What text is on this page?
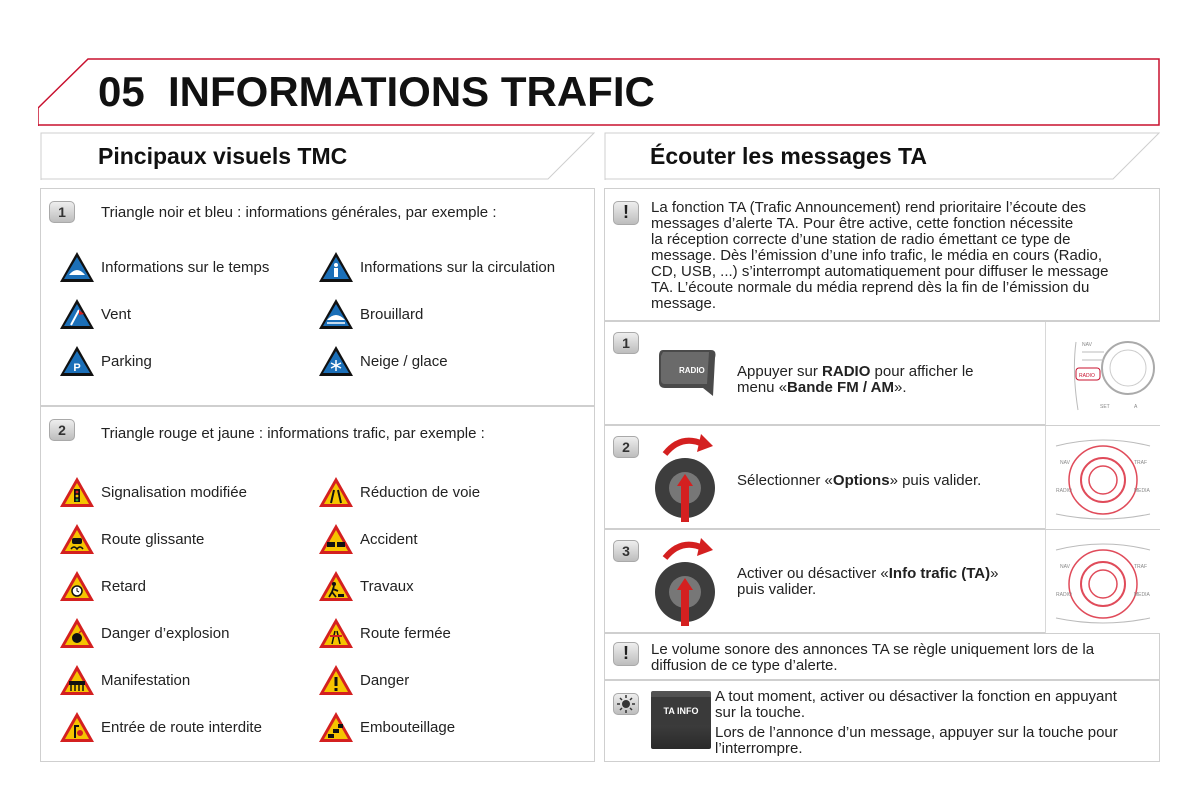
05 INFORMATIONS TRAFIC
Pincipaux visuels TMC	Écouter les messages TA
1	Triangle noir et bleu : informations générales, par exemple :
Informations sur le temps	Informations sur la circulation
Vent	Brouillard
P Parking	Neige / glace
2	Triangle rouge et jaune : informations trafic, par exemple :
Signalisation modifiée	Réduction de voie
Route glissante	Accident
Retard	Travaux
Danger d’explosion	Route fermée
Manifestation	Danger
Entrée de route interdite	Embouteillage
!	La fonction TA (Trafic Announcement) rend prioritaire l’écoute des
messages d’alerte TA. Pour être active, cette fonction nécessite
la réception correcte d’une station de radio émettant ce type de
message. Dès l’émission d’une info trafic, le média en cours (Radio,
CD, USB, ...) s’interrompt automatiquement pour diffuser le message
TA. L’écoute normale du média reprend dès la fin de l’émission du
message.
1
RADIO Appuyer sur RADIO pour afficher le
menu «Bande FM / AM».
NAV
RADIO
SET	A
2
Sélectionner «Options» puis valider.
NAV	TRAF
RADIO	MEDIA
3
Activer ou désactiver «Info trafic (TA)»
puis valider.
NAV	TRAF
RADIO	MEDIA
!	Le volume sonore des annonces TA se règle uniquement lors de la
diffusion de ce type d’alerte.
TA INFO
A tout moment, activer ou désactiver la fonction en appuyant
sur la touche.
Lors de l’annonce d’un message, appuyer sur la touche pour
l’interrompre.
